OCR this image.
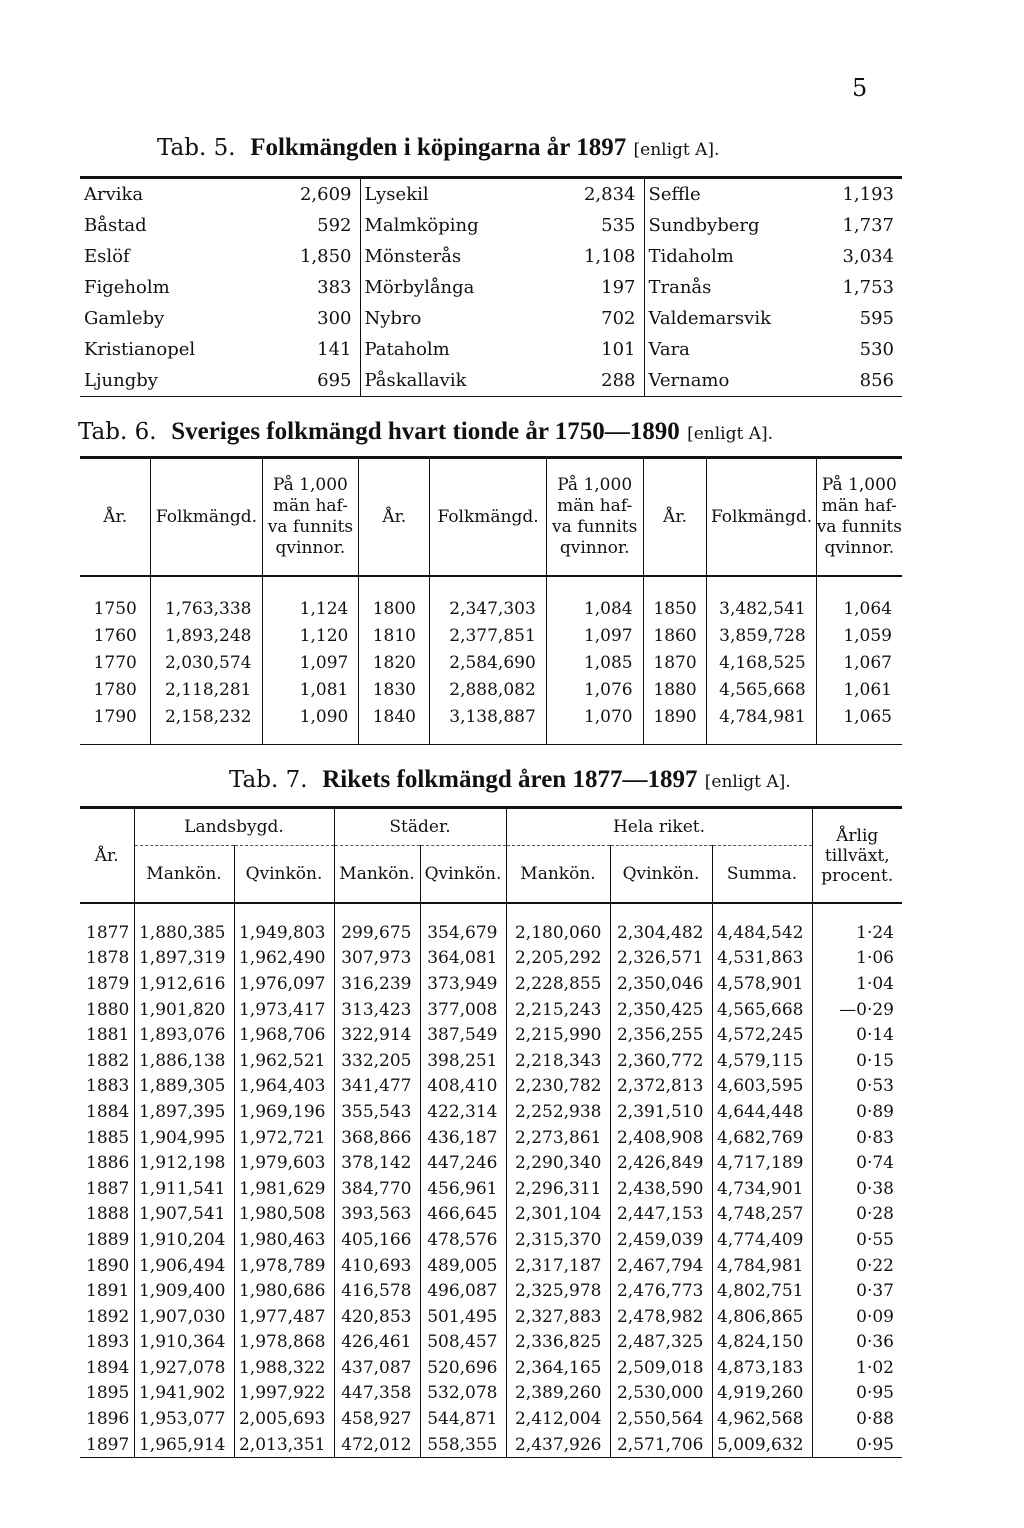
5
Tab. 5. Folkmängden i köpingarna år 1897 [enligt A].
Arvika	2,609	Lysekil	2,834	Seffle	1,193
Båstad	592	Malmköping	535	Sundbyberg	1,737
Eslöf	1,850	Mönsterås	1,108	Tidaholm	3,034
Figeholm	383	Mörbylånga	197	Tranås	1,753
Gamleby	300	Nybro	702	Valdemarsvik	595
Kristianopel	141	Pataholm	101	Vara	530
Ljungby	695	Påskallavik	288	Vernamo	856
Tab. 6. Sveriges folkmängd hvart tionde år 1750—1890 [enligt A].
År.	Folkmängd.	På 1,000
män haf-
va funnits
qvinnor.	År.	Folkmängd.	På 1,000
män haf-
va funnits
qvinnor.	År.	Folkmängd.	På 1,000
män haf-
va funnits
qvinnor.
1750	1,763,338	1,124	1800	2,347,303	1,084	1850	3,482,541	1,064
1760	1,893,248	1,120	1810	2,377,851	1,097	1860	3,859,728	1,059
1770	2,030,574	1,097	1820	2,584,690	1,085	1870	4,168,525	1,067
1780	2,118,281	1,081	1830	2,888,082	1,076	1880	4,565,668	1,061
1790	2,158,232	1,090	1840	3,138,887	1,070	1890	4,784,981	1,065
Tab. 7. Rikets folkmängd åren 1877—1897 [enligt A].
År.	Landsbygd.		Städer.		Hela riket.			Årlig
tillväxt,
procent.
	Mankön.	Qvinkön.	Mankön.	Qvinkön.	Mankön.	Qvinkön.	Summa.	
1877	1,880,385	1,949,803	299,675	354,679	2,180,060	2,304,482	4,484,542	1·24
1878	1,897,319	1,962,490	307,973	364,081	2,205,292	2,326,571	4,531,863	1·06
1879	1,912,616	1,976,097	316,239	373,949	2,228,855	2,350,046	4,578,901	1·04
1880	1,901,820	1,973,417	313,423	377,008	2,215,243	2,350,425	4,565,668	—0·29
1881	1,893,076	1,968,706	322,914	387,549	2,215,990	2,356,255	4,572,245	0·14
1882	1,886,138	1,962,521	332,205	398,251	2,218,343	2,360,772	4,579,115	0·15
1883	1,889,305	1,964,403	341,477	408,410	2,230,782	2,372,813	4,603,595	0·53
1884	1,897,395	1,969,196	355,543	422,314	2,252,938	2,391,510	4,644,448	0·89
1885	1,904,995	1,972,721	368,866	436,187	2,273,861	2,408,908	4,682,769	0·83
1886	1,912,198	1,979,603	378,142	447,246	2,290,340	2,426,849	4,717,189	0·74
1887	1,911,541	1,981,629	384,770	456,961	2,296,311	2,438,590	4,734,901	0·38
1888	1,907,541	1,980,508	393,563	466,645	2,301,104	2,447,153	4,748,257	0·28
1889	1,910,204	1,980,463	405,166	478,576	2,315,370	2,459,039	4,774,409	0·55
1890	1,906,494	1,978,789	410,693	489,005	2,317,187	2,467,794	4,784,981	0·22
1891	1,909,400	1,980,686	416,578	496,087	2,325,978	2,476,773	4,802,751	0·37
1892	1,907,030	1,977,487	420,853	501,495	2,327,883	2,478,982	4,806,865	0·09
1893	1,910,364	1,978,868	426,461	508,457	2,336,825	2,487,325	4,824,150	0·36
1894	1,927,078	1,988,322	437,087	520,696	2,364,165	2,509,018	4,873,183	1·02
1895	1,941,902	1,997,922	447,358	532,078	2,389,260	2,530,000	4,919,260	0·95
1896	1,953,077	2,005,693	458,927	544,871	2,412,004	2,550,564	4,962,568	0·88
1897	1,965,914	2,013,351	472,012	558,355	2,437,926	2,571,706	5,009,632	0·95
